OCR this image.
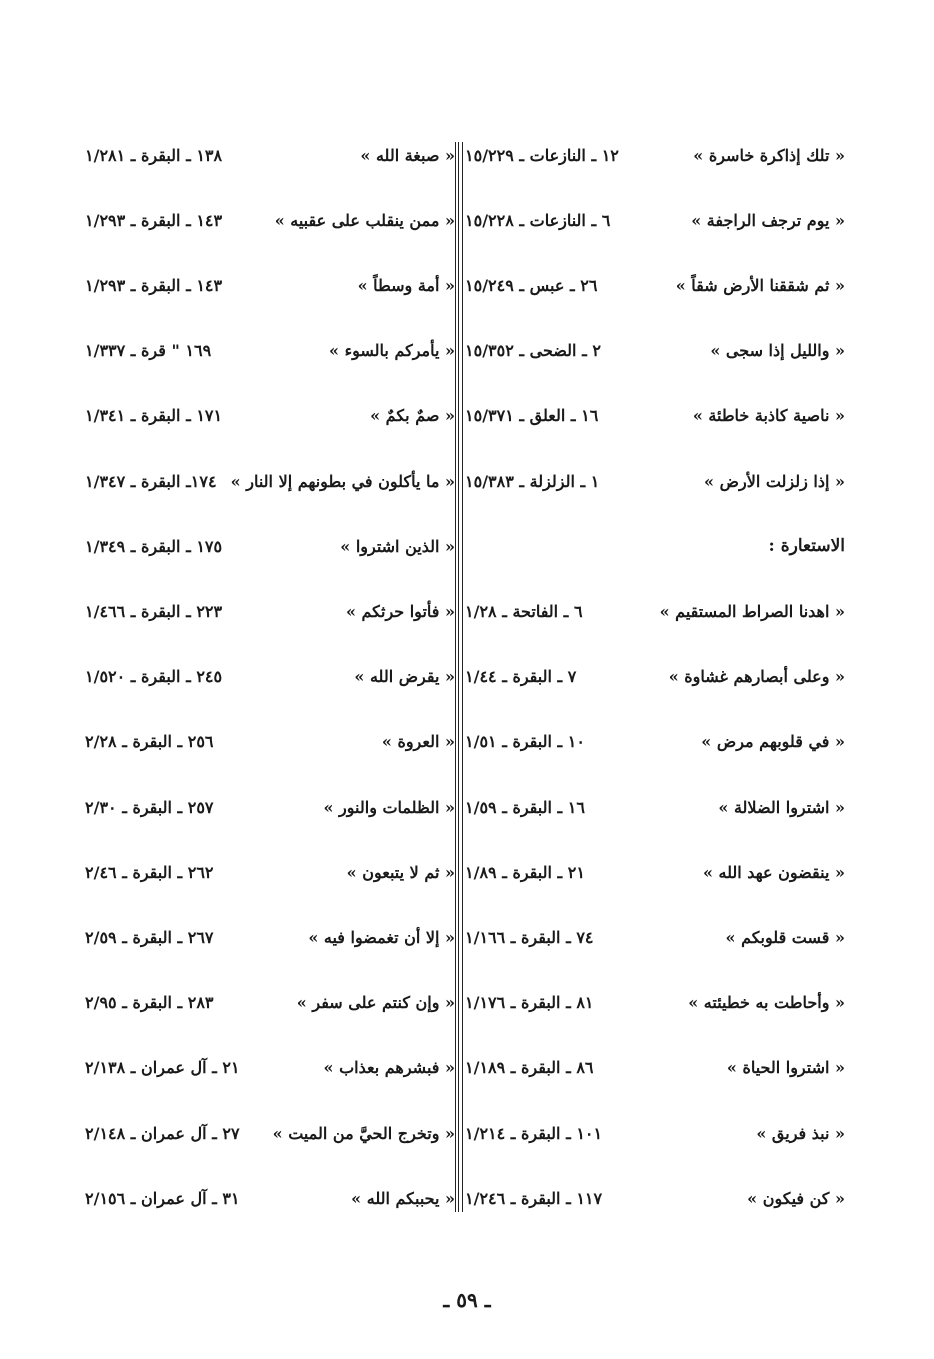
« تلك إذاكرة خاسرة »
١٢ ـ النازعات ـ ١٥/٢٢٩
« يوم ترجف الراجفة »
٦ ـ النازعات ـ ١٥/٢٢٨
« ثم شققنا الأرض شقاً »
٢٦ ـ عبس ـ ١٥/٢٤٩
« والليل إذا سجى »
٢ ـ الضحى ـ ١٥/٣٥٢
« ناصية كاذبة خاطئة »
١٦ ـ العلق ـ ١٥/٣٧١
« إذا زلزلت الأرض »
١ ـ الزلزلة ـ ١٥/٣٨٣
الاستعارة :
« اهدنا الصراط المستقيم »
٦ ـ الفاتحة ـ ١/٢٨
« وعلى أبصارهم غشاوة »
٧ ـ البقرة ـ ١/٤٤
« في قلوبهم مرض »
١٠ ـ البقرة ـ ١/٥١
« اشتروا الضلالة »
١٦ ـ البقرة ـ ١/٥٩
« ينقضون عهد الله »
٢١ ـ البقرة ـ ١/٨٩
« قست قلوبكم »
٧٤ ـ البقرة ـ ١/١٦٦
« وأحاطت به خطيئته »
٨١ ـ البقرة ـ ١/١٧٦
« اشتروا الحياة »
٨٦ ـ البقرة ـ ١/١٨٩
« نبذ فريق »
١٠١ ـ البقرة ـ ١/٢١٤
« كن فيكون »
١١٧ ـ البقرة ـ ١/٢٤٦
« صبغة الله »
١٣٨ ـ البقرة ـ ١/٢٨١
« ممن ينقلب على عقبيه »
١٤٣ ـ البقرة ـ ١/٢٩٣
« أمة وسطاً »
١٤٣ ـ البقرة ـ ١/٢٩٣
« يأمركم بالسوء »
١٦٩ " قرة ـ ١/٣٣٧
« صمٌ بكمٌ »
١٧١ ـ البقرة ـ ١/٣٤١
« ما يأكلون في بطونهم إلا النار »
١٧٤ـ البقرة ـ ١/٣٤٧
« الذين اشتروا »
١٧٥ ـ البقرة ـ ١/٣٤٩
« فأتوا حرثكم »
٢٢٣ ـ البقرة ـ ١/٤٦٦
« يقرض الله »
٢٤٥ ـ البقرة ـ ١/٥٢٠
« العروة »
٢٥٦ ـ البقرة ـ ٢/٢٨
« الظلمات والنور »
٢٥٧ ـ البقرة ـ ٢/٣٠
« ثم لا يتبعون »
٢٦٢ ـ البقرة ـ ٢/٤٦
« إلا أن تغمضوا فيه »
٢٦٧ ـ البقرة ـ ٢/٥٩
« وإن كنتم على سفر »
٢٨٣ ـ البقرة ـ ٢/٩٥
« فبشرهم بعذاب »
٢١ ـ آل عمران ـ ٢/١٣٨
« وتخرج الحيَّ من الميت »
٢٧ ـ آل عمران ـ ٢/١٤٨
« يحببكم الله »
٣١ ـ آل عمران ـ ٢/١٥٦
ـ ٥٩ ـ
